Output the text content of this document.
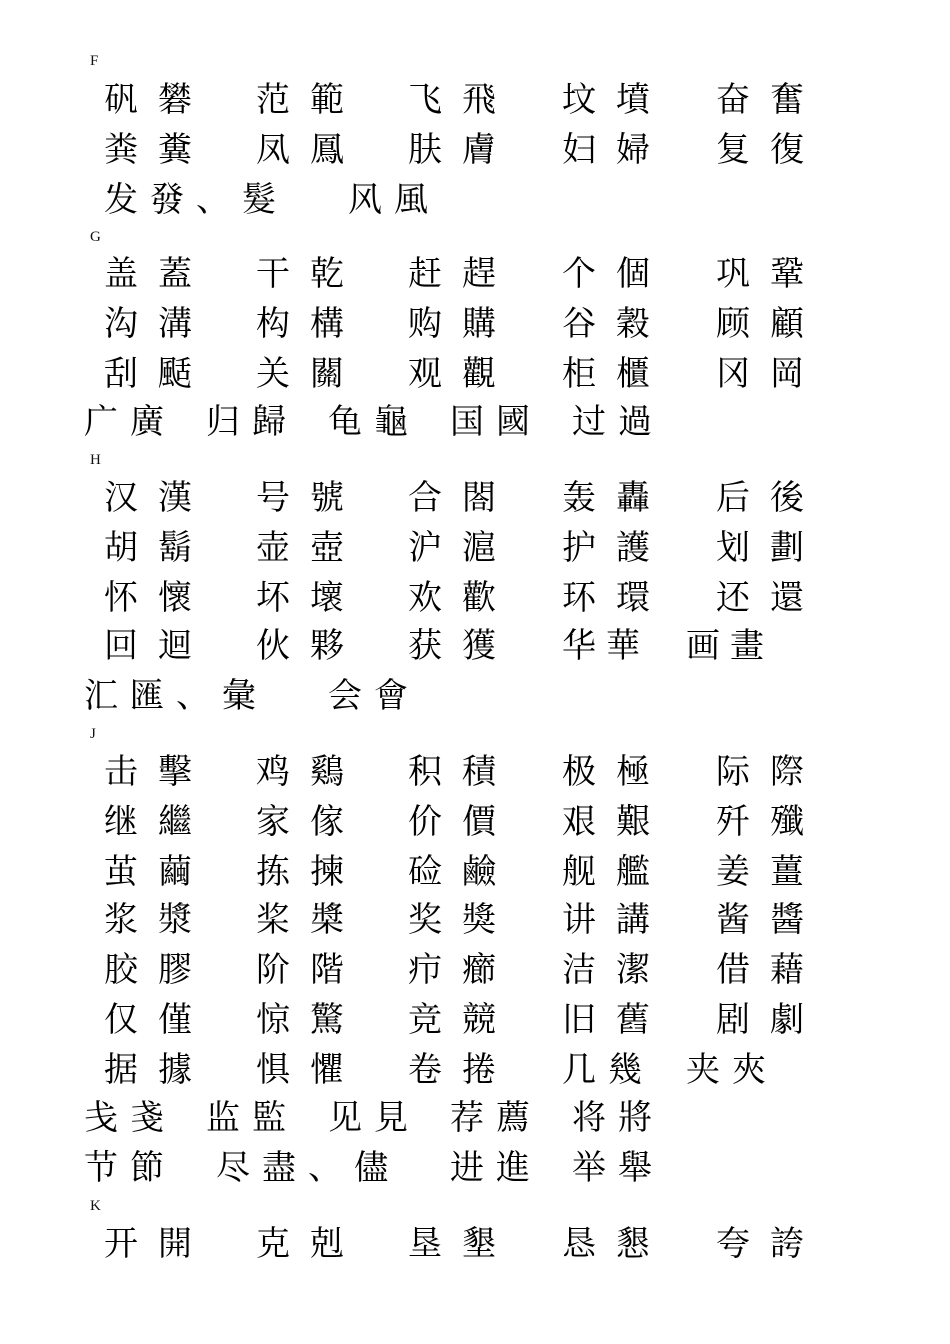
F
矾礬 范範 飞飛 坟墳 奋奮
粪糞 凤鳳 肤膚 妇婦 复復
发發、髮 风風
G
盖蓋 干乾 赶趕 个個 巩鞏
沟溝 构構 购購 谷穀 顾顧
刮颳 关關 观觀 柜櫃 冈岡
广廣 归歸 龟龜 国國 过過
H
汉漢 号號 合閤 轰轟 后後
胡鬍 壶壺 沪滬 护護 划劃
怀懷 坏壞 欢歡 环環 还還
回迴 伙夥 获獲 华華 画畫
汇匯、彙 会會
J
击擊 鸡鷄 积積 极極 际際
继繼 家傢 价價 艰艱 歼殲
茧繭 拣揀 硷鹼 舰艦 姜薑
浆漿 桨槳 奖獎 讲講 酱醬
胶膠 阶階 疖癤 洁潔 借藉
仅僅 惊驚 竞競 旧舊 剧劇
据據 惧懼 卷捲 几幾 夹夾
戋戔 监監 见見 荐薦 将將
节節 尽盡、儘 进進 举舉
K
开開 克剋 垦墾 恳懇 夸誇
